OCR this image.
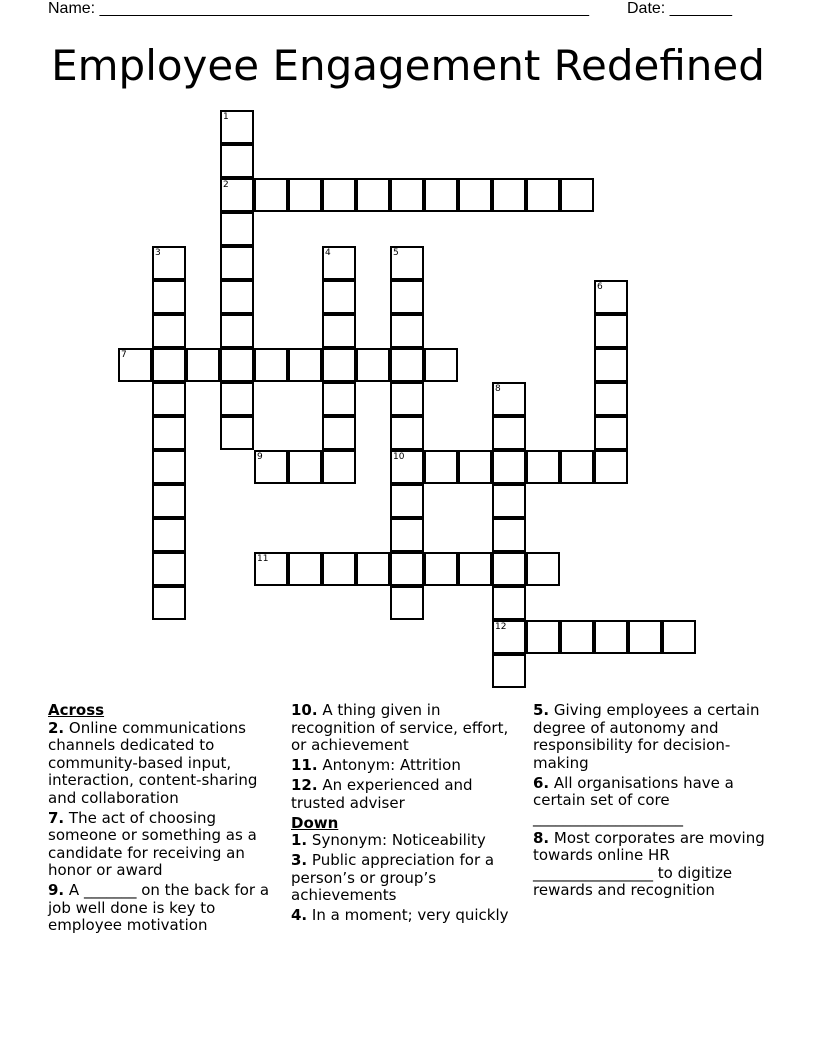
Name: _______________________________________________________ Date: _______
Employee Engagement Redefined
1
2
3	4	5
6
7
8
9	10
11
12
Across
2. Online communications channels dedicated to community-based input, interaction, content-sharing and collaboration
7. The act of choosing someone or something as a candidate for receiving an honor or award
9. A _______ on the back for a job well done is key to employee motivation
10. A thing given in recognition of service, effort, or achievement
11. Antonym: Attrition
12. An experienced and trusted adviser
Down
1. Synonym: Noticeability
3. Public appreciation for a person’s or group’s achievements
4. In a moment; very quickly
5. Giving employees a certain degree of autonomy and responsibility for decision-making
6. All organisations have a certain set of core ____________________
8. Most corporates are moving towards online HR ________________ to digitize rewards and recognition
